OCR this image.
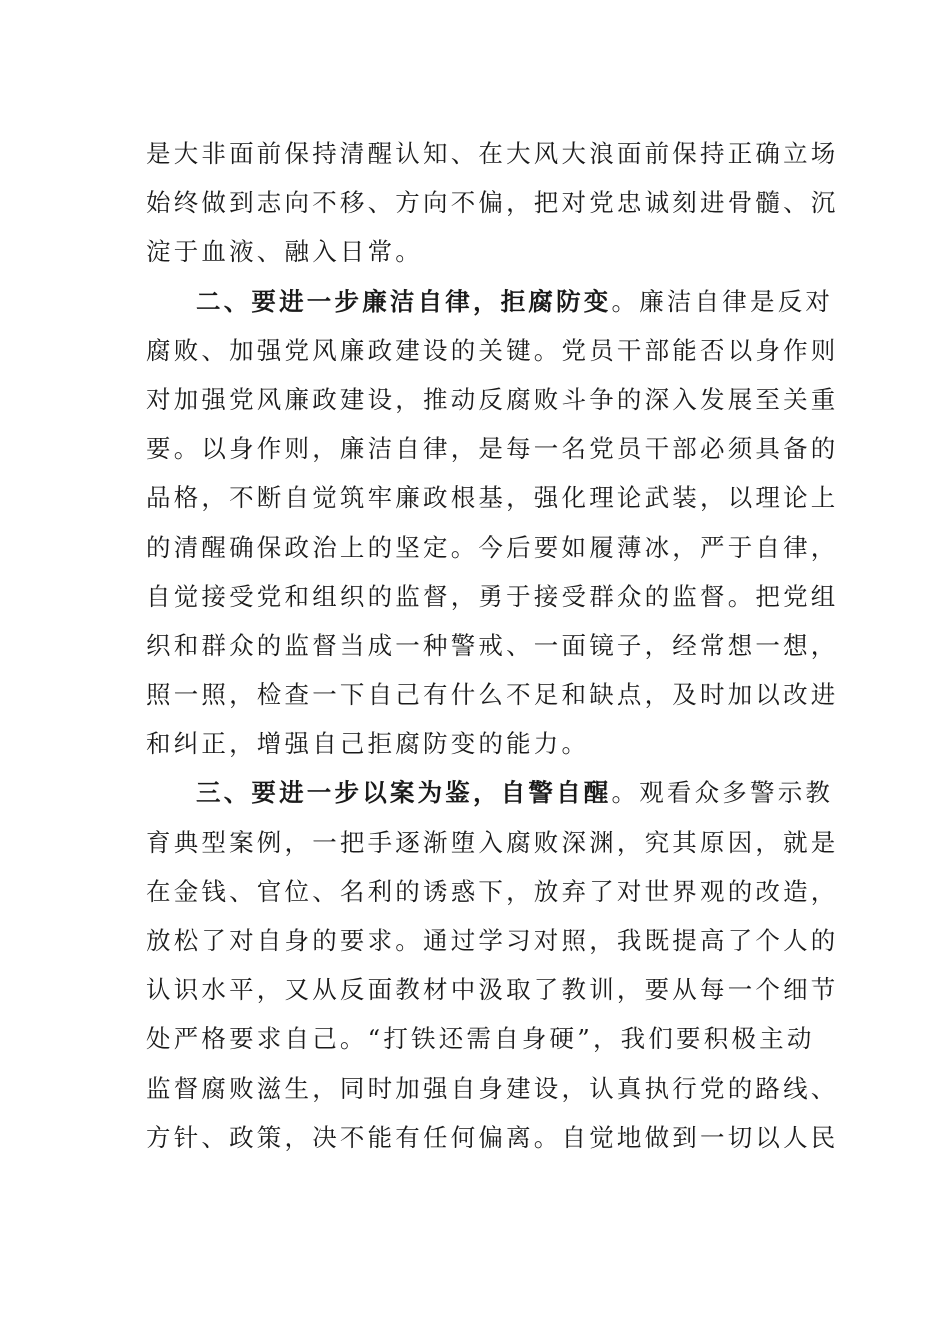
是大非面前保持清醒认知、在大风大浪面前保持正确立场
始终做到志向不移、方向不偏，把对党忠诚刻进骨髓、沉
淀于血液、融入日常。
二、要进一步廉洁自律，拒腐防变。廉洁自律是反对
腐败、加强党风廉政建设的关键。党员干部能否以身作则
对加强党风廉政建设，推动反腐败斗争的深入发展至关重
要。以身作则，廉洁自律，是每一名党员干部必须具备的
品格，不断自觉筑牢廉政根基，强化理论武装，以理论上
的清醒确保政治上的坚定。今后要如履薄冰，严于自律，
自觉接受党和组织的监督，勇于接受群众的监督。把党组
织和群众的监督当成一种警戒、一面镜子，经常想一想，
照一照，检查一下自己有什么不足和缺点，及时加以改进
和纠正，增强自己拒腐防变的能力。
三、要进一步以案为鉴，自警自醒。观看众多警示教
育典型案例，一把手逐渐堕入腐败深渊，究其原因，就是
在金钱、官位、名利的诱惑下，放弃了对世界观的改造，
放松了对自身的要求。通过学习对照，我既提高了个人的
认识水平，又从反面教材中汲取了教训，要从每一个细节
处严格要求自己。“打铁还需自身硬”，我们要积极主动
监督腐败滋生，同时加强自身建设，认真执行党的路线、
方针、政策，决不能有任何偏离。自觉地做到一切以人民
